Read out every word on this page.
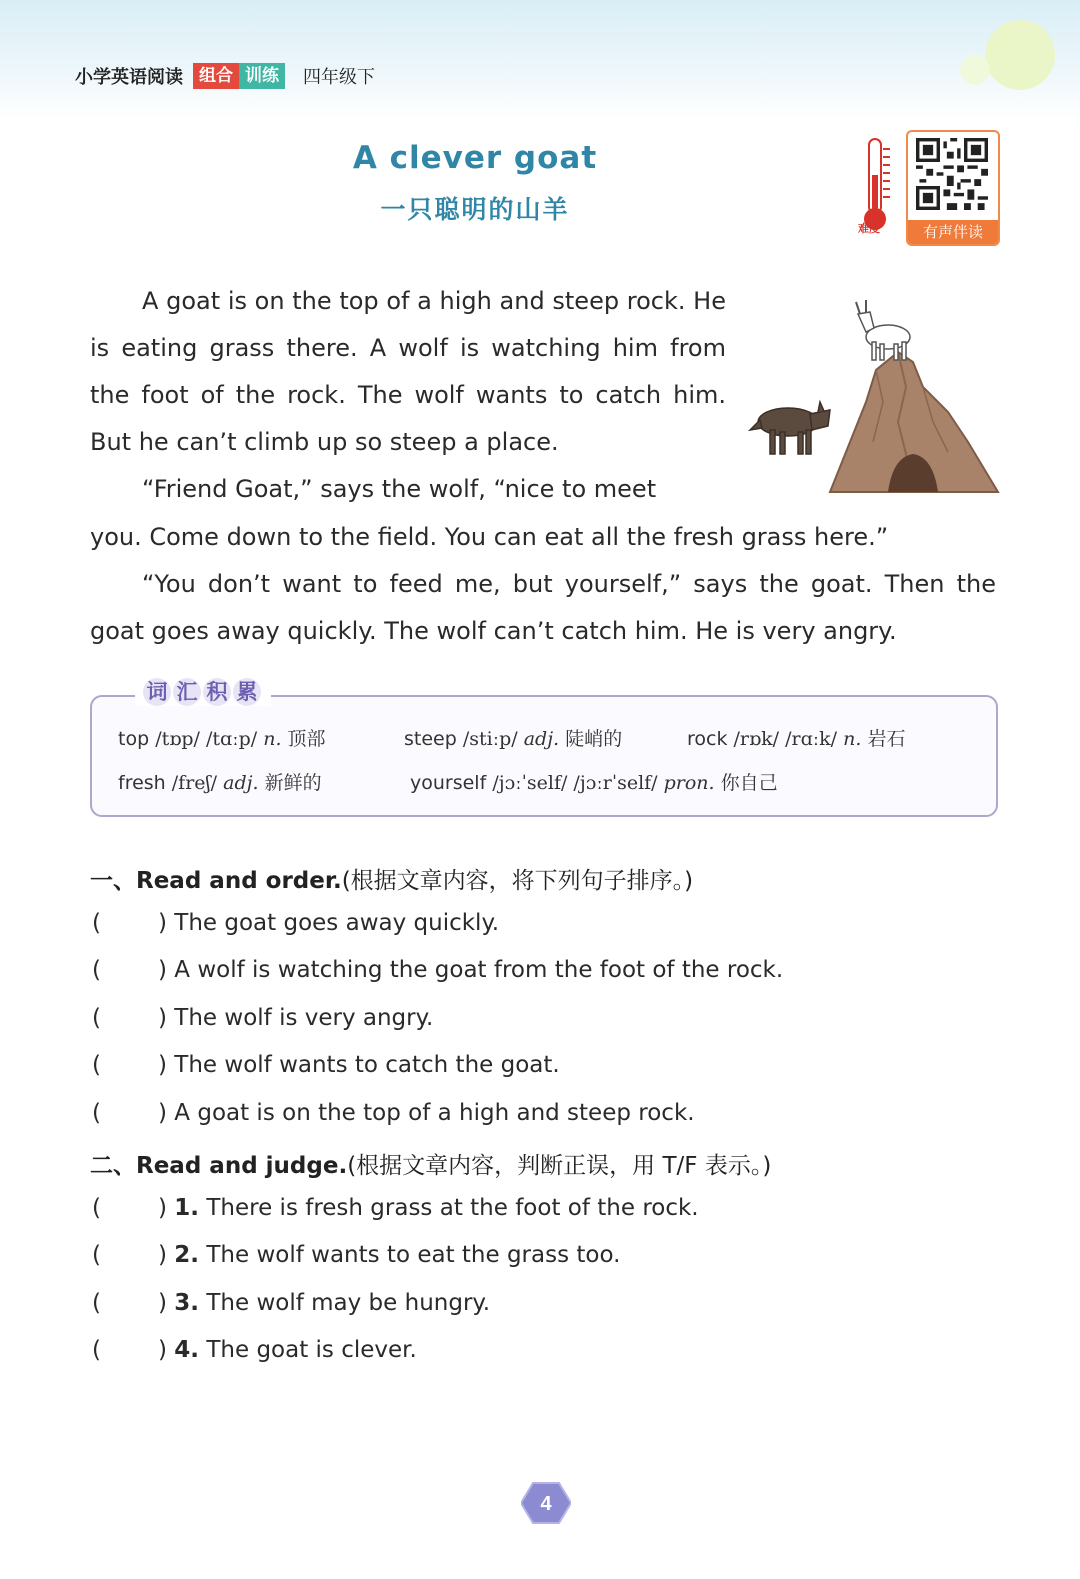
小学英语阅读 组合 训练	四年级下
A clever goat
一只聪明的山羊
难度	有声伴读

A goat is on the top of a high and steep rock. He is eating grass there. A wolf is watching him from the foot of the rock. The wolf wants to catch him. But he can’t climb up so steep a place.

“Friend Goat,” says the wolf, “nice to meet

you. Come down to the field. You can eat all the fresh grass here.”

“You don’t want to feed me, but yourself,” says the goat. Then the goat goes away quickly. The wolf can’t catch him. He is very angry.

词 汇 积 累
top /tɒp/ /tɑːp/ n. 顶部	steep /stiːp/ adj. 陡峭的	rock /rɒk/ /rɑːk/ n. 岩石
fresh /freʃ/ adj. 新鲜的	yourself /jɔːˈself/ /jɔːrˈself/ pron. 你自己
一、Read and order.(根据文章内容，将下列句子排序。)
( ) The goat goes away quickly.
( ) A wolf is watching the goat from the foot of the rock.
( ) The wolf is very angry.
( ) The wolf wants to catch the goat.
( ) A goat is on the top of a high and steep rock.
二、Read and judge.(根据文章内容，判断正误，用 T/F 表示。)
( ) 1. There is fresh grass at the foot of the rock.
( ) 2. The wolf wants to eat the grass too.
( ) 3. The wolf may be hungry.
( ) 4. The goat is clever.
4
